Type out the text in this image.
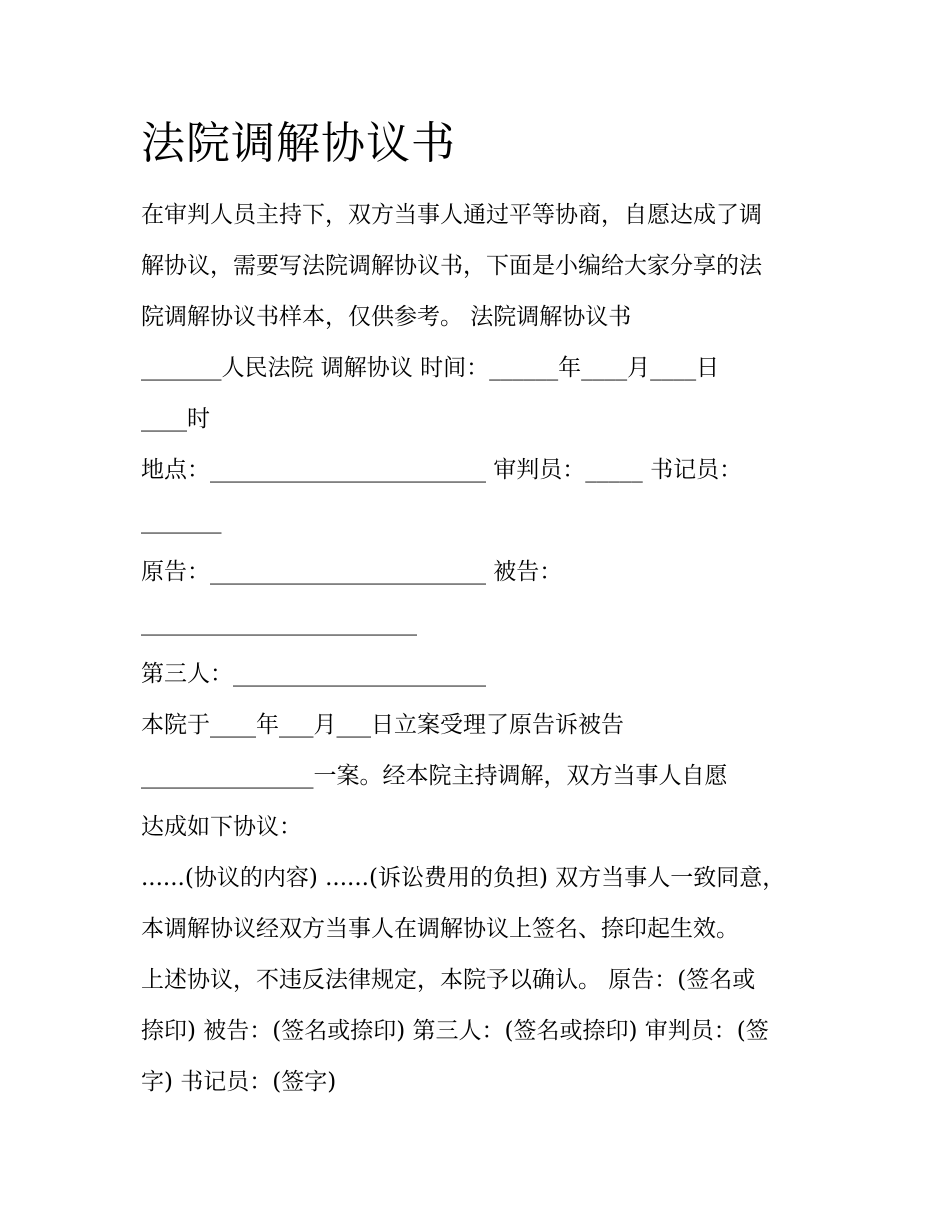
法院调解协议书
在审判人员主持下，双方当事人通过平等协商，自愿达成了调
解协议，需要写法院调解协议书，下面是小编给大家分享的法
院调解协议书样本，仅供参考。 法院调解协议书
_______人民法院 调解协议 时间：______年____月____日
____时
地点：________________________ 审判员：_____ 书记员：
_______
原告：________________________ 被告：
________________________
第三人：______________________
本院于____年___月___日立案受理了原告诉被告
_______________一案。经本院主持调解，双方当事人自愿
达成如下协议：
......(协议的内容) ......(诉讼费用的负担) 双方当事人一致同意，
本调解协议经双方当事人在调解协议上签名、捺印起生效。
上述协议，不违反法律规定，本院予以确认。 原告：(签名或
捺印) 被告：(签名或捺印) 第三人：(签名或捺印) 审判员：(签
字) 书记员：(签字)
